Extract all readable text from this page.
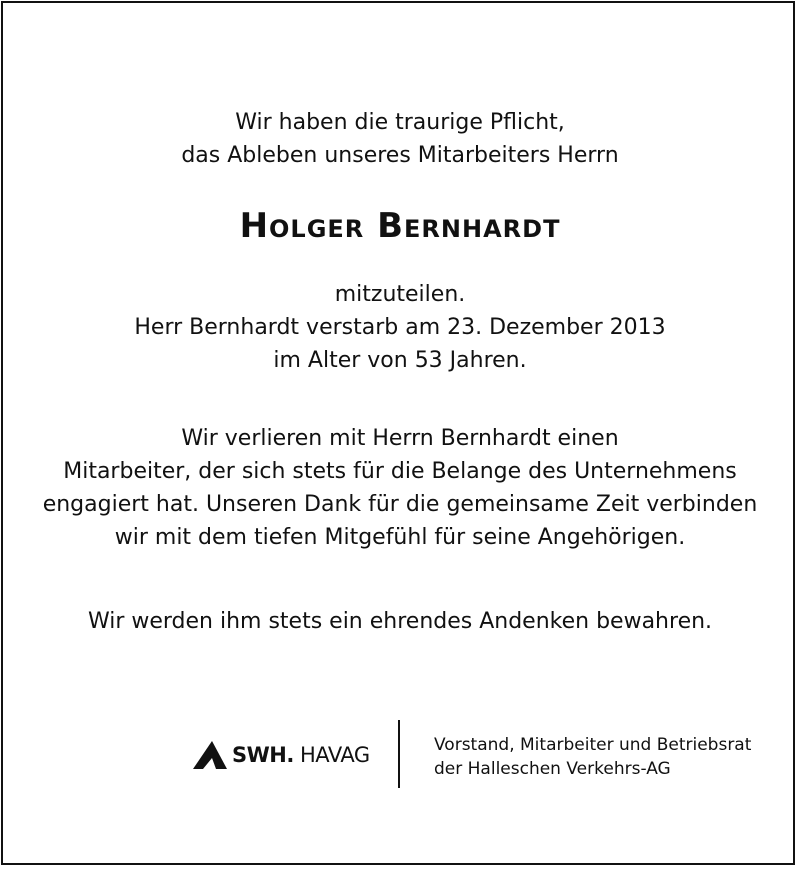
Wir haben die traurige Pflicht,
das Ableben unseres Mitarbeiters Herrn
Holger Bernhardt
mitzuteilen.
Herr Bernhardt verstarb am 23. Dezember 2013
im Alter von 53 Jahren.
Wir verlieren mit Herrn Bernhardt einen
Mitarbeiter, der sich stets für die Belange des Unternehmens
engagiert hat. Unseren Dank für die gemeinsame Zeit verbinden
wir mit dem tiefen Mitgefühl für seine Angehörigen.
Wir werden ihm stets ein ehrendes Andenken bewahren.
SWH. HAVAG	Vorstand, Mitarbeiter und Betriebsrat
der Halleschen Verkehrs-AG
